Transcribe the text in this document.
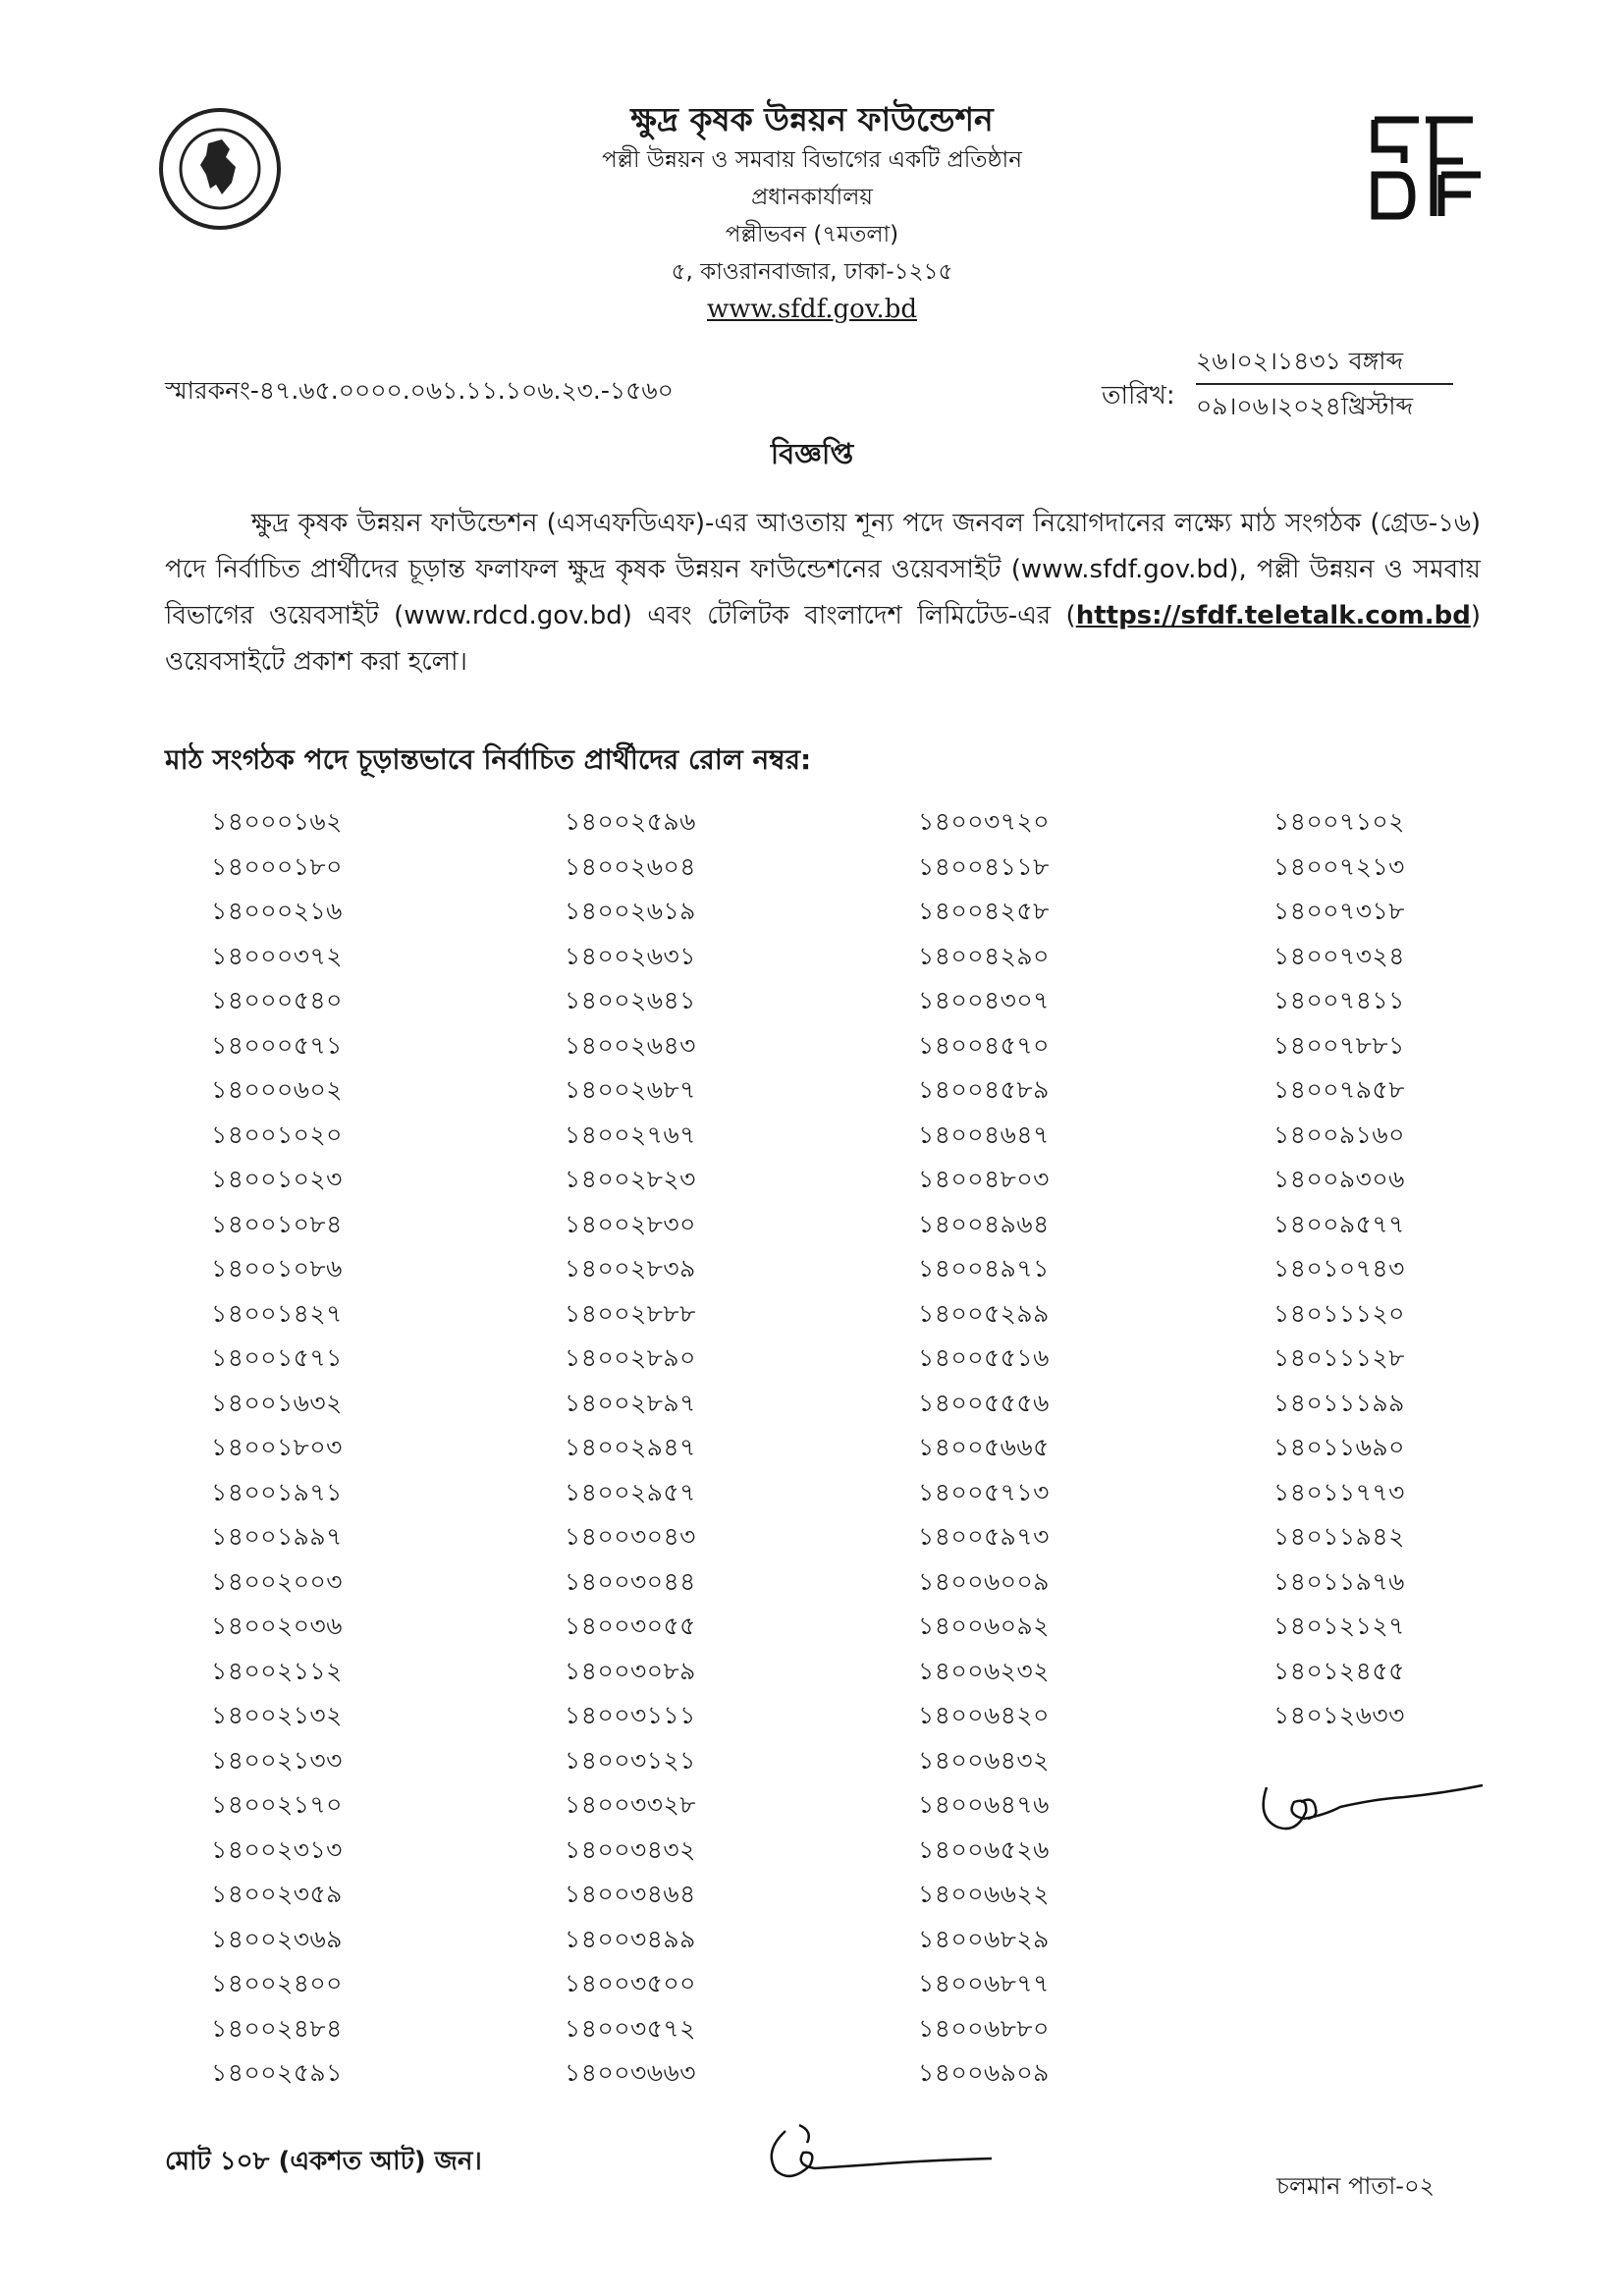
ক্ষুদ্র কৃষক উন্নয়ন ফাউন্ডেশন
পল্লী উন্নয়ন ও সমবায় বিভাগের একটি প্রতিষ্ঠান
প্রধানকার্যালয়
পল্লীভবন (৭মতলা)
৫, কাওরানবাজার, ঢাকা-১২১৫
www.sfdf.gov.bd
স্মারকনং-৪৭.৬৫.০০০০.০৬১.১১.১০৬.২৩.-১৫৬০	তারিখ:
২৬।০২।১৪৩১ বঙ্গাব্দ
০৯।০৬।২০২৪খ্রিস্টাব্দ
বিজ্ঞপ্তি
ক্ষুদ্র কৃষক উন্নয়ন ফাউন্ডেশন (এসএফডিএফ)-এর আওতায় শূন্য পদে জনবল নিয়োগদানের লক্ষ্যে মাঠ সংগঠক (গ্রেড-১৬) পদে নির্বাচিত প্রার্থীদের চূড়ান্ত ফলাফল ক্ষুদ্র কৃষক উন্নয়ন ফাউন্ডেশনের ওয়েবসাইট (www.sfdf.gov.bd), পল্লী উন্নয়ন ও সমবায় বিভাগের ওয়েবসাইট (www.rdcd.gov.bd) এবং টেলিটক বাংলাদেশ লিমিটেড-এর (https://sfdf.teletalk.com.bd) ওয়েবসাইটে প্রকাশ করা হলো।
মাঠ সংগঠক পদে চূড়ান্তভাবে নির্বাচিত প্রার্থীদের রোল নম্বর:
১৪০০০১৬২
১৪০০০১৮০
১৪০০০২১৬
১৪০০০৩৭২
১৪০০০৫৪০
১৪০০০৫৭১
১৪০০০৬০২
১৪০০১০২০
১৪০০১০২৩
১৪০০১০৮৪
১৪০০১০৮৬
১৪০০১৪২৭
১৪০০১৫৭১
১৪০০১৬৩২
১৪০০১৮০৩
১৪০০১৯৭১
১৪০০১৯৯৭
১৪০০২০০৩
১৪০০২০৩৬
১৪০০২১১২
১৪০০২১৩২
১৪০০২১৩৩
১৪০০২১৭০
১৪০০২৩১৩
১৪০০২৩৫৯
১৪০০২৩৬৯
১৪০০২৪০০
১৪০০২৪৮৪
১৪০০২৫৯১
১৪০০২৫৯৬
১৪০০২৬০৪
১৪০০২৬১৯
১৪০০২৬৩১
১৪০০২৬৪১
১৪০০২৬৪৩
১৪০০২৬৮৭
১৪০০২৭৬৭
১৪০০২৮২৩
১৪০০২৮৩০
১৪০০২৮৩৯
১৪০০২৮৮৮
১৪০০২৮৯০
১৪০০২৮৯৭
১৪০০২৯৪৭
১৪০০২৯৫৭
১৪০০৩০৪৩
১৪০০৩০৪৪
১৪০০৩০৫৫
১৪০০৩০৮৯
১৪০০৩১১১
১৪০০৩১২১
১৪০০৩৩২৮
১৪০০৩৪৩২
১৪০০৩৪৬৪
১৪০০৩৪৯৯
১৪০০৩৫০০
১৪০০৩৫৭২
১৪০০৩৬৬৩
১৪০০৩৭২০
১৪০০৪১১৮
১৪০০৪২৫৮
১৪০০৪২৯০
১৪০০৪৩০৭
১৪০০৪৫৭০
১৪০০৪৫৮৯
১৪০০৪৬৪৭
১৪০০৪৮০৩
১৪০০৪৯৬৪
১৪০০৪৯৭১
১৪০০৫২৯৯
১৪০০৫৫১৬
১৪০০৫৫৫৬
১৪০০৫৬৬৫
১৪০০৫৭১৩
১৪০০৫৯৭৩
১৪০০৬০০৯
১৪০০৬০৯২
১৪০০৬২৩২
১৪০০৬৪২০
১৪০০৬৪৩২
১৪০০৬৪৭৬
১৪০০৬৫২৬
১৪০০৬৬২২
১৪০০৬৮২৯
১৪০০৬৮৭৭
১৪০০৬৮৮০
১৪০০৬৯০৯
১৪০০৭১০২
১৪০০৭২১৩
১৪০০৭৩১৮
১৪০০৭৩২৪
১৪০০৭৪১১
১৪০০৭৮৮১
১৪০০৭৯৫৮
১৪০০৯১৬০
১৪০০৯৩০৬
১৪০০৯৫৭৭
১৪০১০৭৪৩
১৪০১১১২০
১৪০১১১২৮
১৪০১১১৯৯
১৪০১১৬৯০
১৪০১১৭৭৩
১৪০১১৯৪২
১৪০১১৯৭৬
১৪০১২১২৭
১৪০১২৪৫৫
১৪০১২৬৩৩
মোট ১০৮ (একশত আট) জন।
চলমান পাতা-০২
